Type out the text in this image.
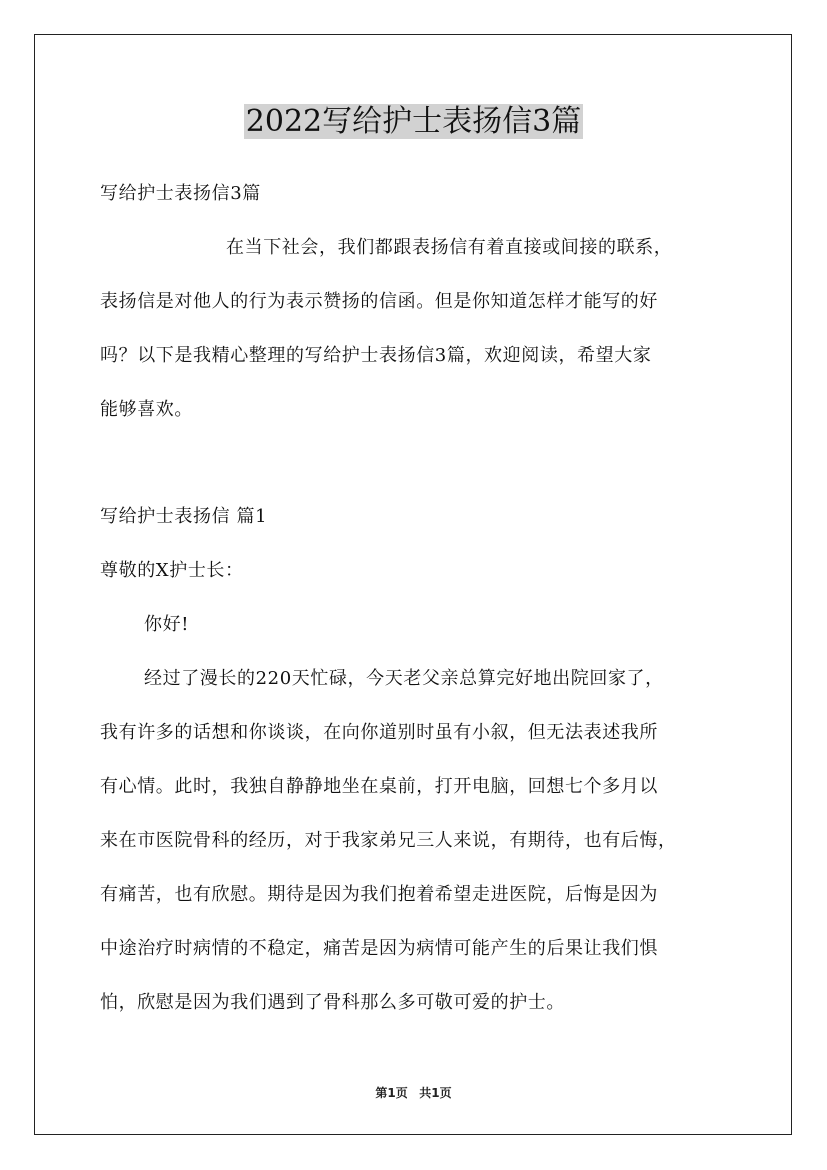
2022写给护士表扬信3篇
写给护士表扬信3篇
在当下社会，我们都跟表扬信有着直接或间接的联系，
表扬信是对他人的行为表示赞扬的信函。但是你知道怎样才能写的好
吗？以下是我精心整理的写给护士表扬信3篇，欢迎阅读，希望大家
能够喜欢。
写给护士表扬信 篇1
尊敬的X护士长：
你好!
经过了漫长的220天忙碌，今天老父亲总算完好地出院回家了，
我有许多的话想和你谈谈，在向你道别时虽有小叙，但无法表述我所
有心情。此时，我独自静静地坐在桌前，打开电脑，回想七个多月以
来在市医院骨科的经历，对于我家弟兄三人来说，有期待，也有后悔，
有痛苦，也有欣慰。期待是因为我们抱着希望走进医院，后悔是因为
中途治疗时病情的不稳定，痛苦是因为病情可能产生的后果让我们惧
怕，欣慰是因为我们遇到了骨科那么多可敬可爱的护士。
第1页 共1页
